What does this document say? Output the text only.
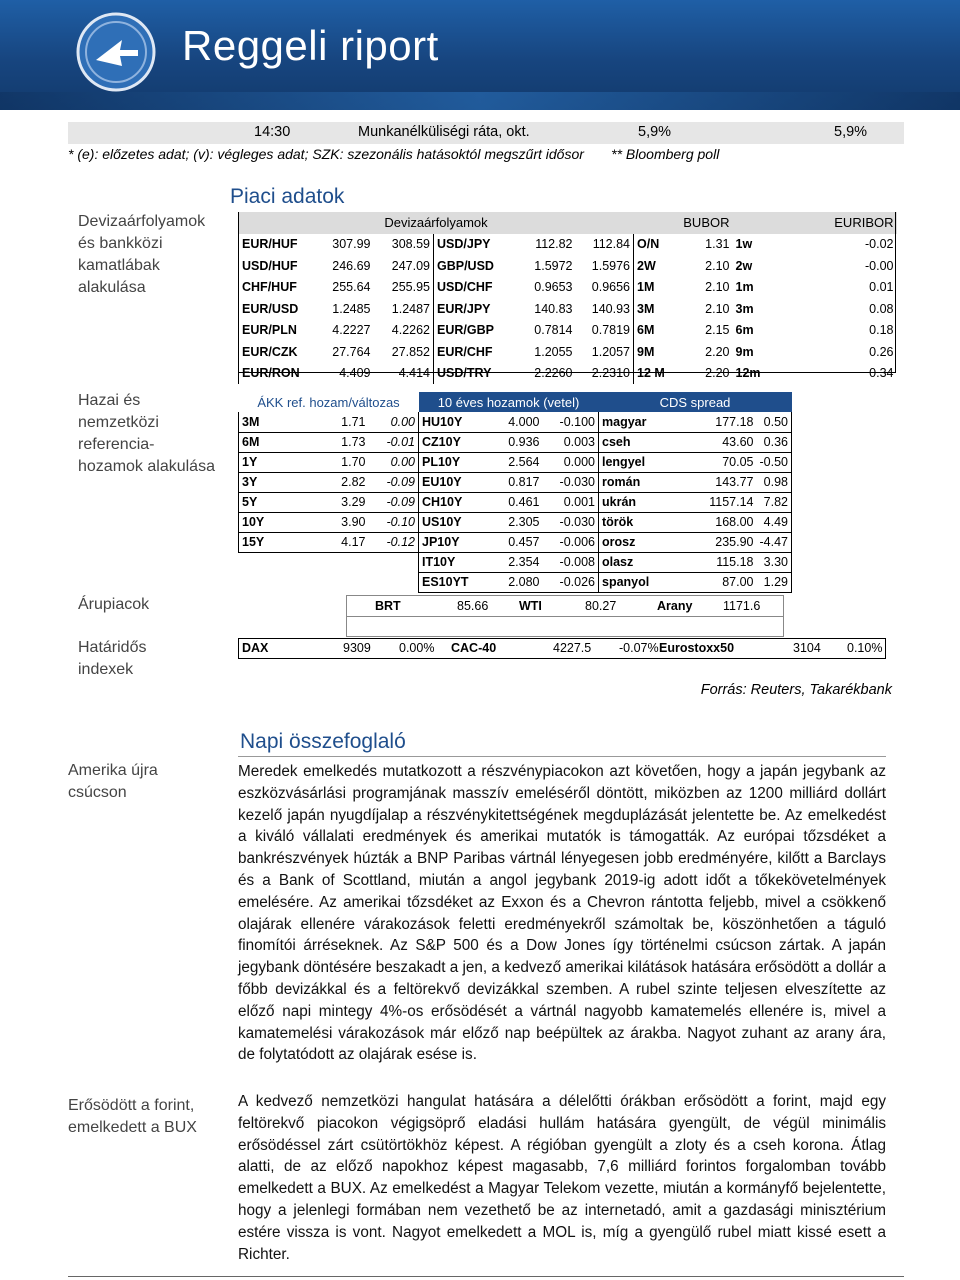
Reggeli riport
14:30	Munkanélküliségi ráta, okt.	5,9%	5,9%
* (e): előzetes adat; (v): végleges adat; SZK: szezonális hatásoktól megszűrt idősor       ** Bloomberg poll
Piaci adatok
Devizaárfolyamok
és bankközi
kamatlábak
alakulása
Hazai és
nemzetközi
referencia-
hozamok alakulása
Árupiacok
Határidős
indexek
Amerika újra
csúcson
Erősödött a forint,
emelkedett a BUX
Devizaárfolyamok						BUBOR		EURIBOR	
EUR/HUF	307.99	308.59	USD/JPY	112.82	112.84	O/N	1.31	1w	-0.02
USD/HUF	246.69	247.09	GBP/USD	1.5972	1.5976	2W	2.10	2w	-0.00
CHF/HUF	255.64	255.95	USD/CHF	0.9653	0.9656	1M	2.10	1m	0.01
EUR/USD	1.2485	1.2487	EUR/JPY	140.83	140.93	3M	2.10	3m	0.08
EUR/PLN	4.2227	4.2262	EUR/GBP	0.7814	0.7819	6M	2.15	6m	0.18
EUR/CZK	27.764	27.852	EUR/CHF	1.2055	1.2057	9M	2.20	9m	0.26
EUR/RON	4.409	4.414	USD/TRY	2.2260	2.2310	12 M	2.20	12m	0.34
ÁKK ref. hozam/változas			10 éves hozamok (vetel)			CDS spread		
3M	1.71	0.00	HU10Y	4.000	-0.100	magyar	177.18	0.50
6M	1.73	-0.01	CZ10Y	0.936	0.003	cseh	43.60	0.36
1Y	1.70	0.00	PL10Y	2.564	0.000	lengyel	70.05	-0.50
3Y	2.82	-0.09	EU10Y	0.817	-0.030	román	143.77	0.98
5Y	3.29	-0.09	CH10Y	0.461	0.001	ukrán	1157.14	7.82
10Y	3.90	-0.10	US10Y	2.305	-0.030	török	168.00	4.49
15Y	4.17	-0.12	JP10Y	0.457	-0.006	orosz	235.90	-4.47
			IT10Y	2.354	-0.008	olasz	115.18	3.30
			ES10YT	2.080	-0.026	spanyol	87.00	1.29
BRT	85.66 WTI	80.27	Arany 1171.6
DAX	9309 0.00% CAC-40	4227.5 -0.07% Eurostoxx50	3104 0.10%
Forrás: Reuters, Takarékbank
Napi összefoglaló
Meredek emelkedés mutatkozott a részvénypiacokon azt követően, hogy a japán jegybank az eszközvásárlási programjának masszív emeléséről döntött, miközben az 1200 milliárd dollárt kezelő japán nyugdíjalap a részvénykitettségének megduplázását jelentette be. Az emelkedést a kiváló vállalati eredmények és amerikai mutatók is támogatták. Az európai tőzsdéket a bankrészvények húzták a BNP Paribas vártnál lényegesen jobb eredményére, kilőtt a Barclays és a Bank of Scottland, miután a angol jegybank 2019-ig adott időt a tőkekövetelmények emelésére. Az amerikai tőzsdéket az Exxon és a Chevron rántotta feljebb, mivel a csökkenő olajárak ellenére várakozások feletti eredményekről számoltak be, köszönhetően a táguló finomítói árréseknek. Az S&P 500 és a Dow Jones így történelmi csúcson zártak. A japán jegybank döntésére beszakadt a jen, a kedvező amerikai kilátások hatására erősödött a dollár a főbb devizákkal és a feltörekvő devizákkal szemben. A rubel szinte teljesen elveszítette az előző napi mintegy 4%-os erősödését a vártnál nagyobb kamatemelés ellenére is, mivel a kamatemelési várakozások már előző nap beépültek az árakba. Nagyot zuhant az arany ára, de folytatódott az olajárak esése is.
A kedvező nemzetközi hangulat hatására a délelőtti órákban erősödött a forint, majd egy feltörekvő piacokon végigsöprő eladási hullám hatására gyengült, de végül minimális erősödéssel zárt csütörtökhöz képest. A régióban gyengült a zloty és a cseh korona. Átlag alatti, de az előző napokhoz képest magasabb, 7,6 milliárd forintos forgalomban tovább emelkedett a BUX. Az emelkedést a Magyar Telekom vezette, miután a kormányfő bejelentette, hogy a jelenlegi formában nem vezethető be az internetadó, amit a gazdasági minisztérium estére vissza is vont. Nagyot emelkedett a MOL is, míg a gyengülő rubel miatt kissé esett a Richter.
